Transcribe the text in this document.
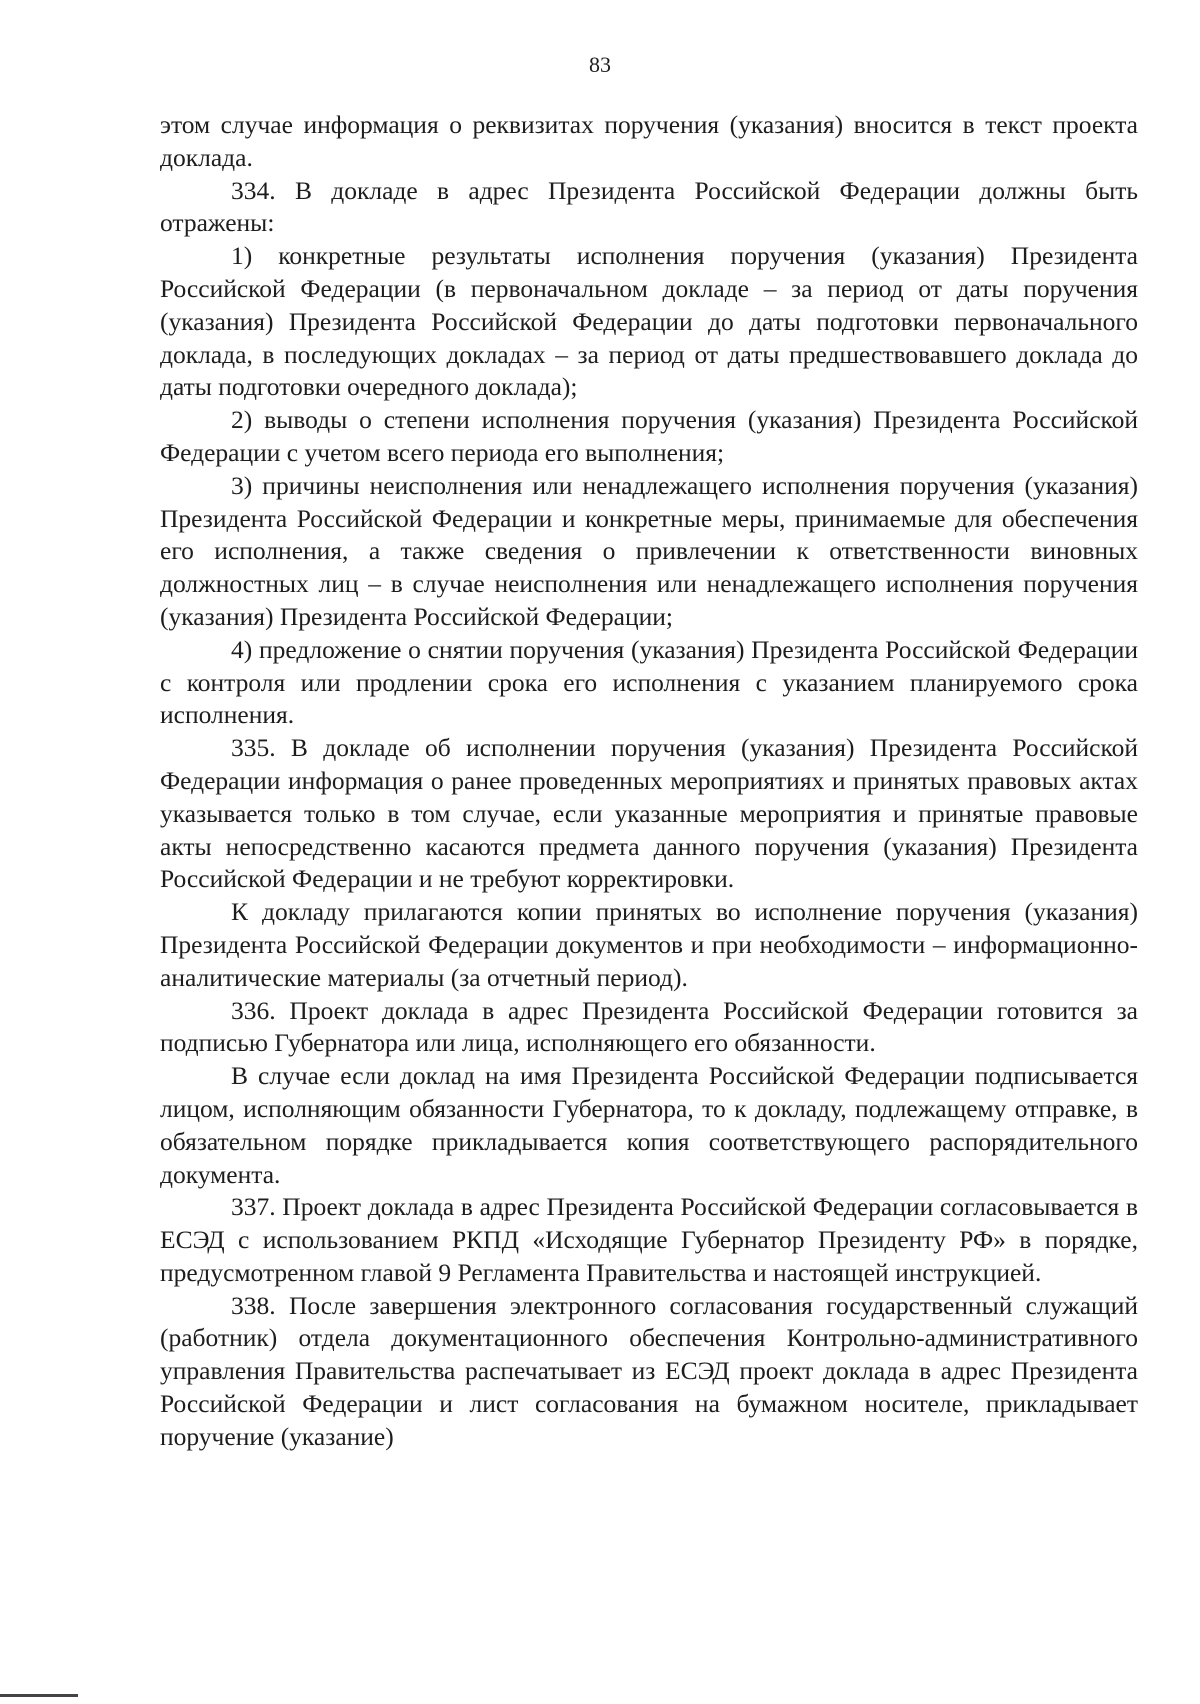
83

этом случае информация о реквизитах поручения (указания) вносится в текст проекта доклада.

334. В докладе в адрес Президента Российской Федерации должны быть отражены:

1) конкретные результаты исполнения поручения (указания) Президента Российской Федерации (в первоначальном докладе – за период от даты поручения (указания) Президента Российской Федерации до даты подготовки первоначального доклада, в последующих докладах – за период от даты предшествовавшего доклада до даты подготовки очередного доклада);

2) выводы о степени исполнения поручения (указания) Президента Российской Федерации с учетом всего периода его выполнения;

3) причины неисполнения или ненадлежащего исполнения поручения (указания) Президента Российской Федерации и конкретные меры, принимаемые для обеспечения его исполнения, а также сведения о привлечении к ответственности виновных должностных лиц – в случае неисполнения или ненадлежащего исполнения поручения (указания) Президента Российской Федерации;

4) предложение о снятии поручения (указания) Президента Российской Федерации с контроля или продлении срока его исполнения с указанием планируемого срока исполнения.

335. В докладе об исполнении поручения (указания) Президента Российской Федерации информация о ранее проведенных мероприятиях и принятых правовых актах указывается только в том случае, если указанные мероприятия и принятые правовые акты непосредственно касаются предмета данного поручения (указания) Президента Российской Федерации и не требуют корректировки.

К докладу прилагаются копии принятых во исполнение поручения (указания) Президента Российской Федерации документов и при необходимости – информационно-аналитические материалы (за отчетный период).

336. Проект доклада в адрес Президента Российской Федерации готовится за подписью Губернатора или лица, исполняющего его обязанности.

В случае если доклад на имя Президента Российской Федерации подписывается лицом, исполняющим обязанности Губернатора, то к докладу, подлежащему отправке, в обязательном порядке прикладывается копия соответствующего распорядительного документа.

337. Проект доклада в адрес Президента Российской Федерации согласовывается в ЕСЭД с использованием РКПД «Исходящие Губернатор Президенту РФ» в порядке, предусмотренном главой 9 Регламента Правительства и настоящей инструкцией.

338. После завершения электронного согласования государственный служащий (работник) отдела документационного обеспечения Контрольно-административного управления Правительства распечатывает из ЕСЭД проект доклада в адрес Президента Российской Федерации и лист согласования на бумажном носителе, прикладывает поручение (указание)
